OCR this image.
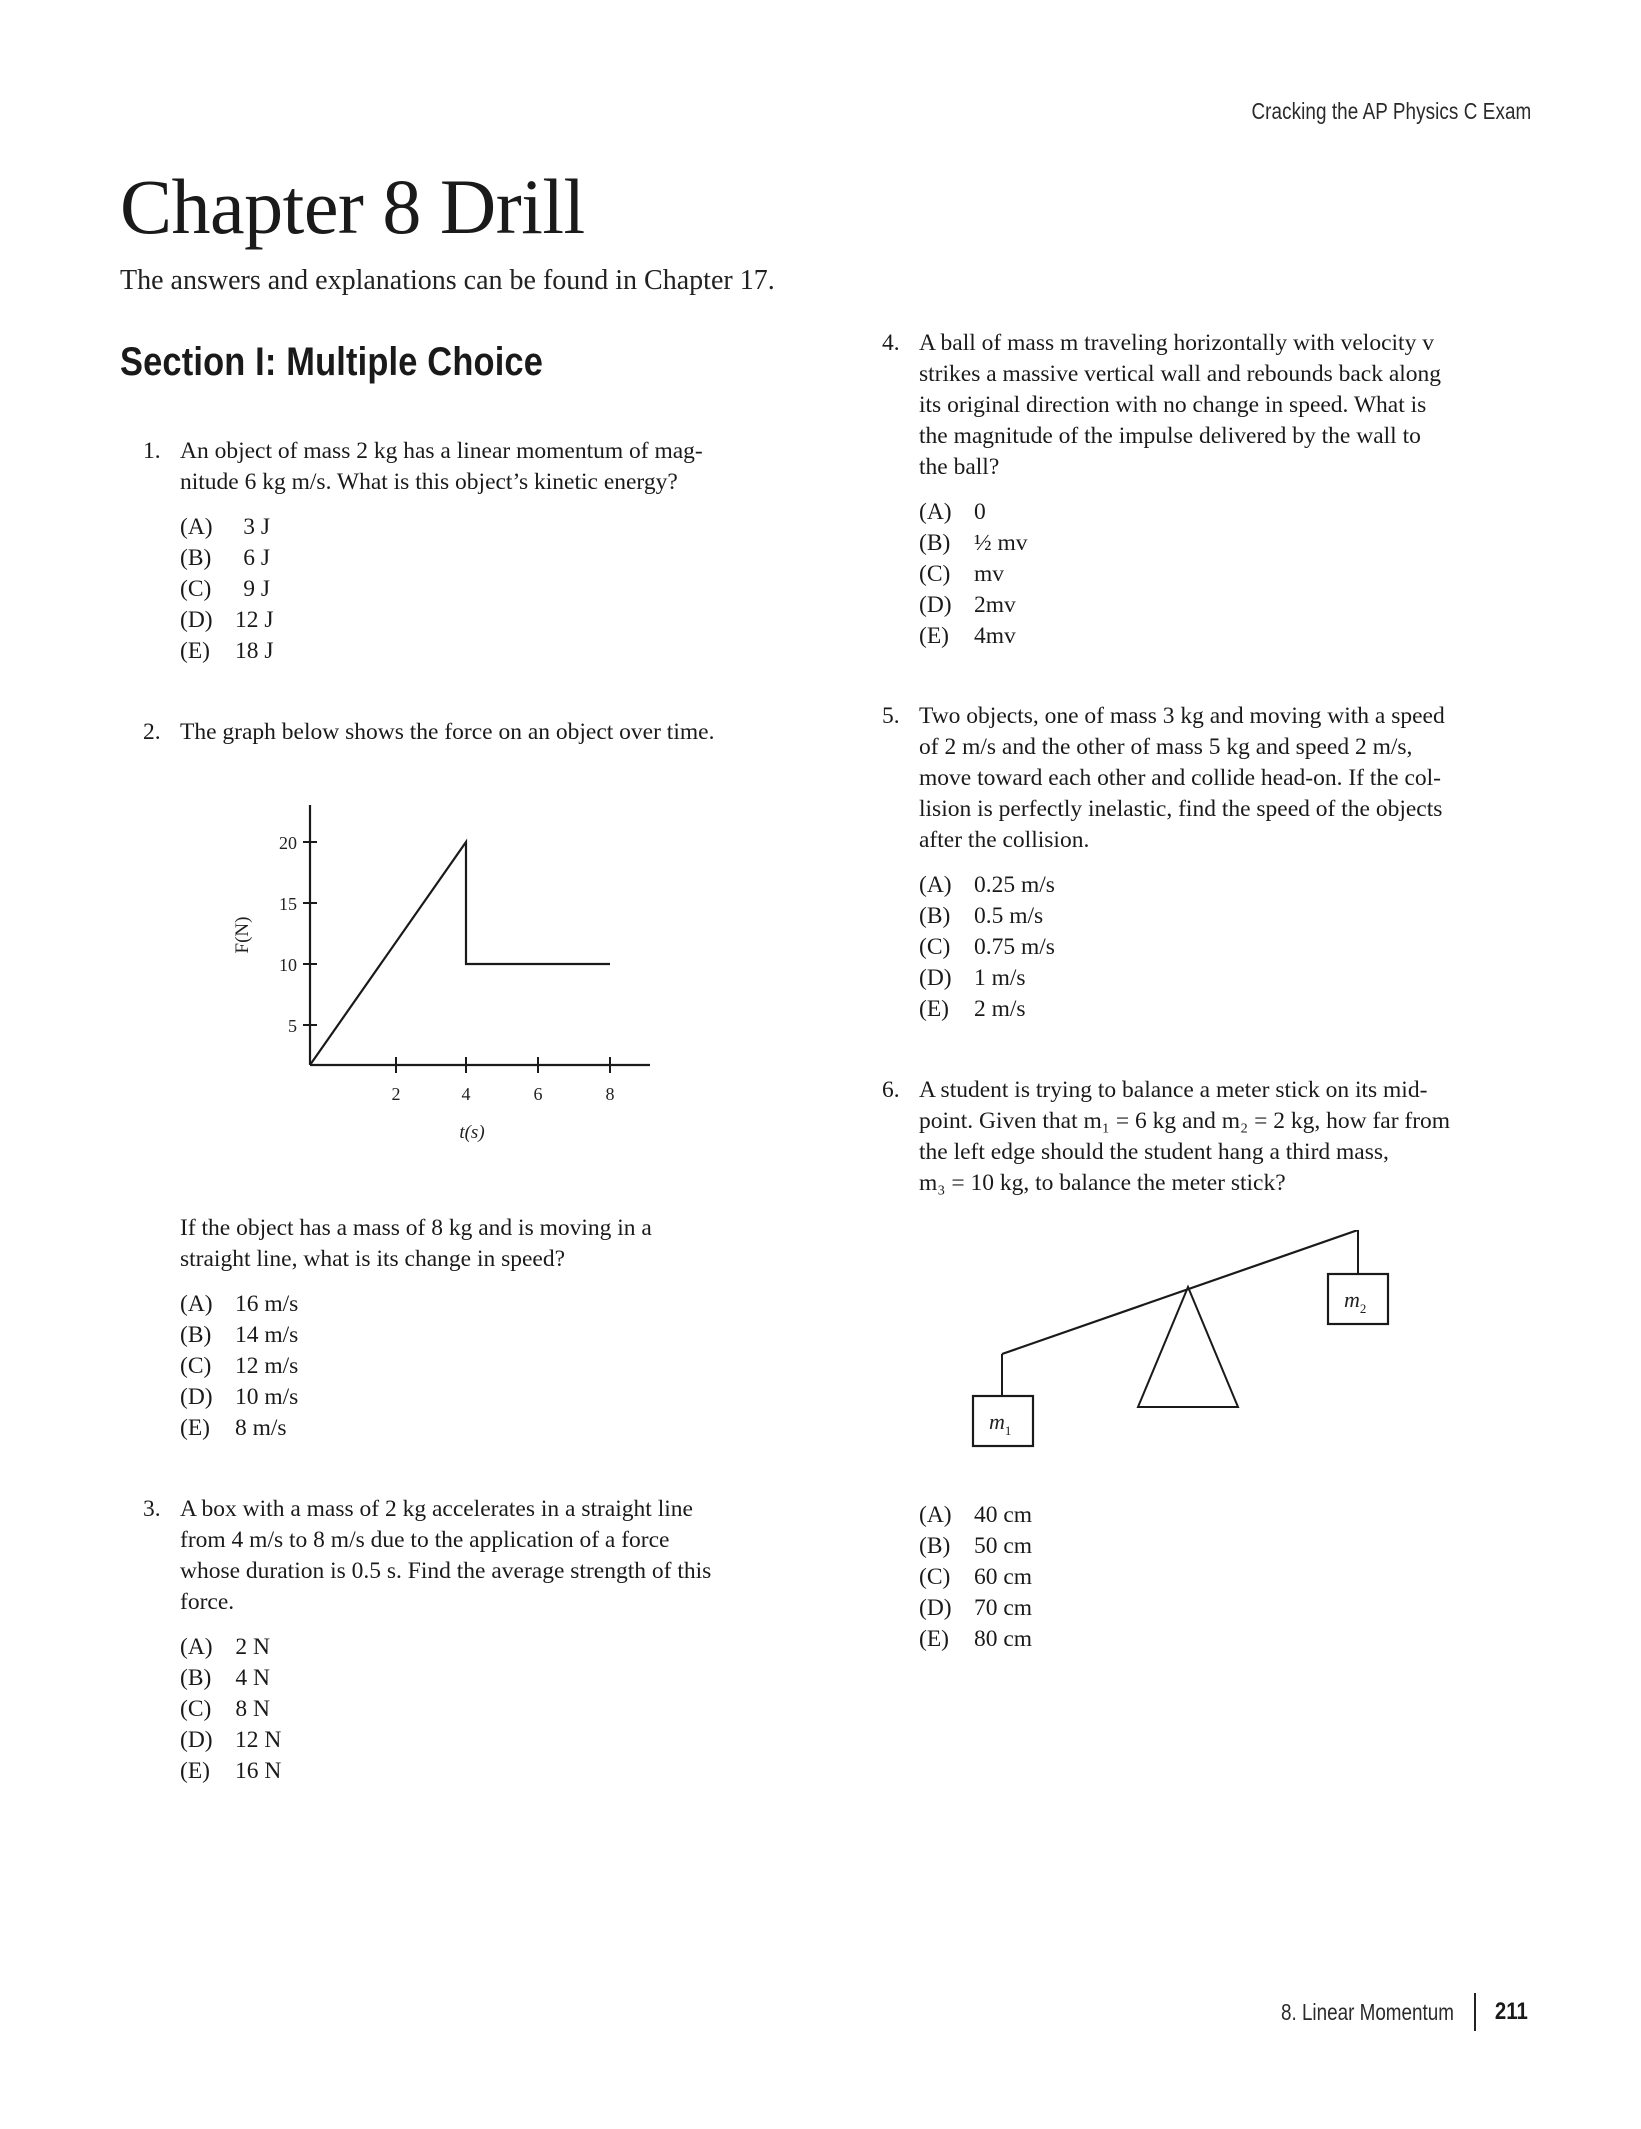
Cracking the AP Physics C Exam
Chapter 8 Drill

The answers and explanations can be found in Chapter 17.

Section I: Multiple Choice
1. An object of mass 2 kg has a linear momentum of mag-
nitude 6 kg m/s. What is this object’s kinetic energy?
(A)	3 J
(B)	6 J
(C)	9 J
(D) 12 J
(E)	18 J
2. The graph below shows the force on an object over time.
20
15
10
5
2	4	6	8
t(s)
F(N)
If the object has a mass of 8 kg and is moving in a
straight line, what is its change in speed?
(A) 16 m/s
(B)	14 m/s
(C)	12 m/s
(D) 10 m/s
(E)	8 m/s
3. A box with a mass of 2 kg accelerates in a straight line
from 4 m/s to 8 m/s due to the application of a force
whose duration is 0.5 s. Find the average strength of this
force.
(A) 2 N
(B)	4 N
(C)	8 N
(D) 12 N
(E)	16 N
4. A ball of mass m traveling horizontally with velocity v
strikes a massive vertical wall and rebounds back along
its original direction with no change in speed. What is
the magnitude of the impulse delivered by the wall to
the ball?
(A) 0
(B)	½ mv
(C)	mv
(D) 2mv
(E)	4mv
5. Two objects, one of mass 3 kg and moving with a speed
of 2 m/s and the other of mass 5 kg and speed 2 m/s,
move toward each other and collide head-on. If the col-
lision is perfectly inelastic, find the speed of the objects
after the collision.
(A) 0.25 m/s
(B)	0.5 m/s
(C)	0.75 m/s
(D) 1 m/s
(E)	2 m/s
6. A student is trying to balance a meter stick on its mid-
point. Given that m₁ = 6 kg and m₂ = 2 kg, how far from
the left edge should the student hang a third mass,
m₃ = 10 kg, to balance the meter stick?
$m_1$
$m_2$
(A) 40 cm
(B)	50 cm
(C)	60 cm
(D) 70 cm
(E)	80 cm
8. Linear Momentum 211
